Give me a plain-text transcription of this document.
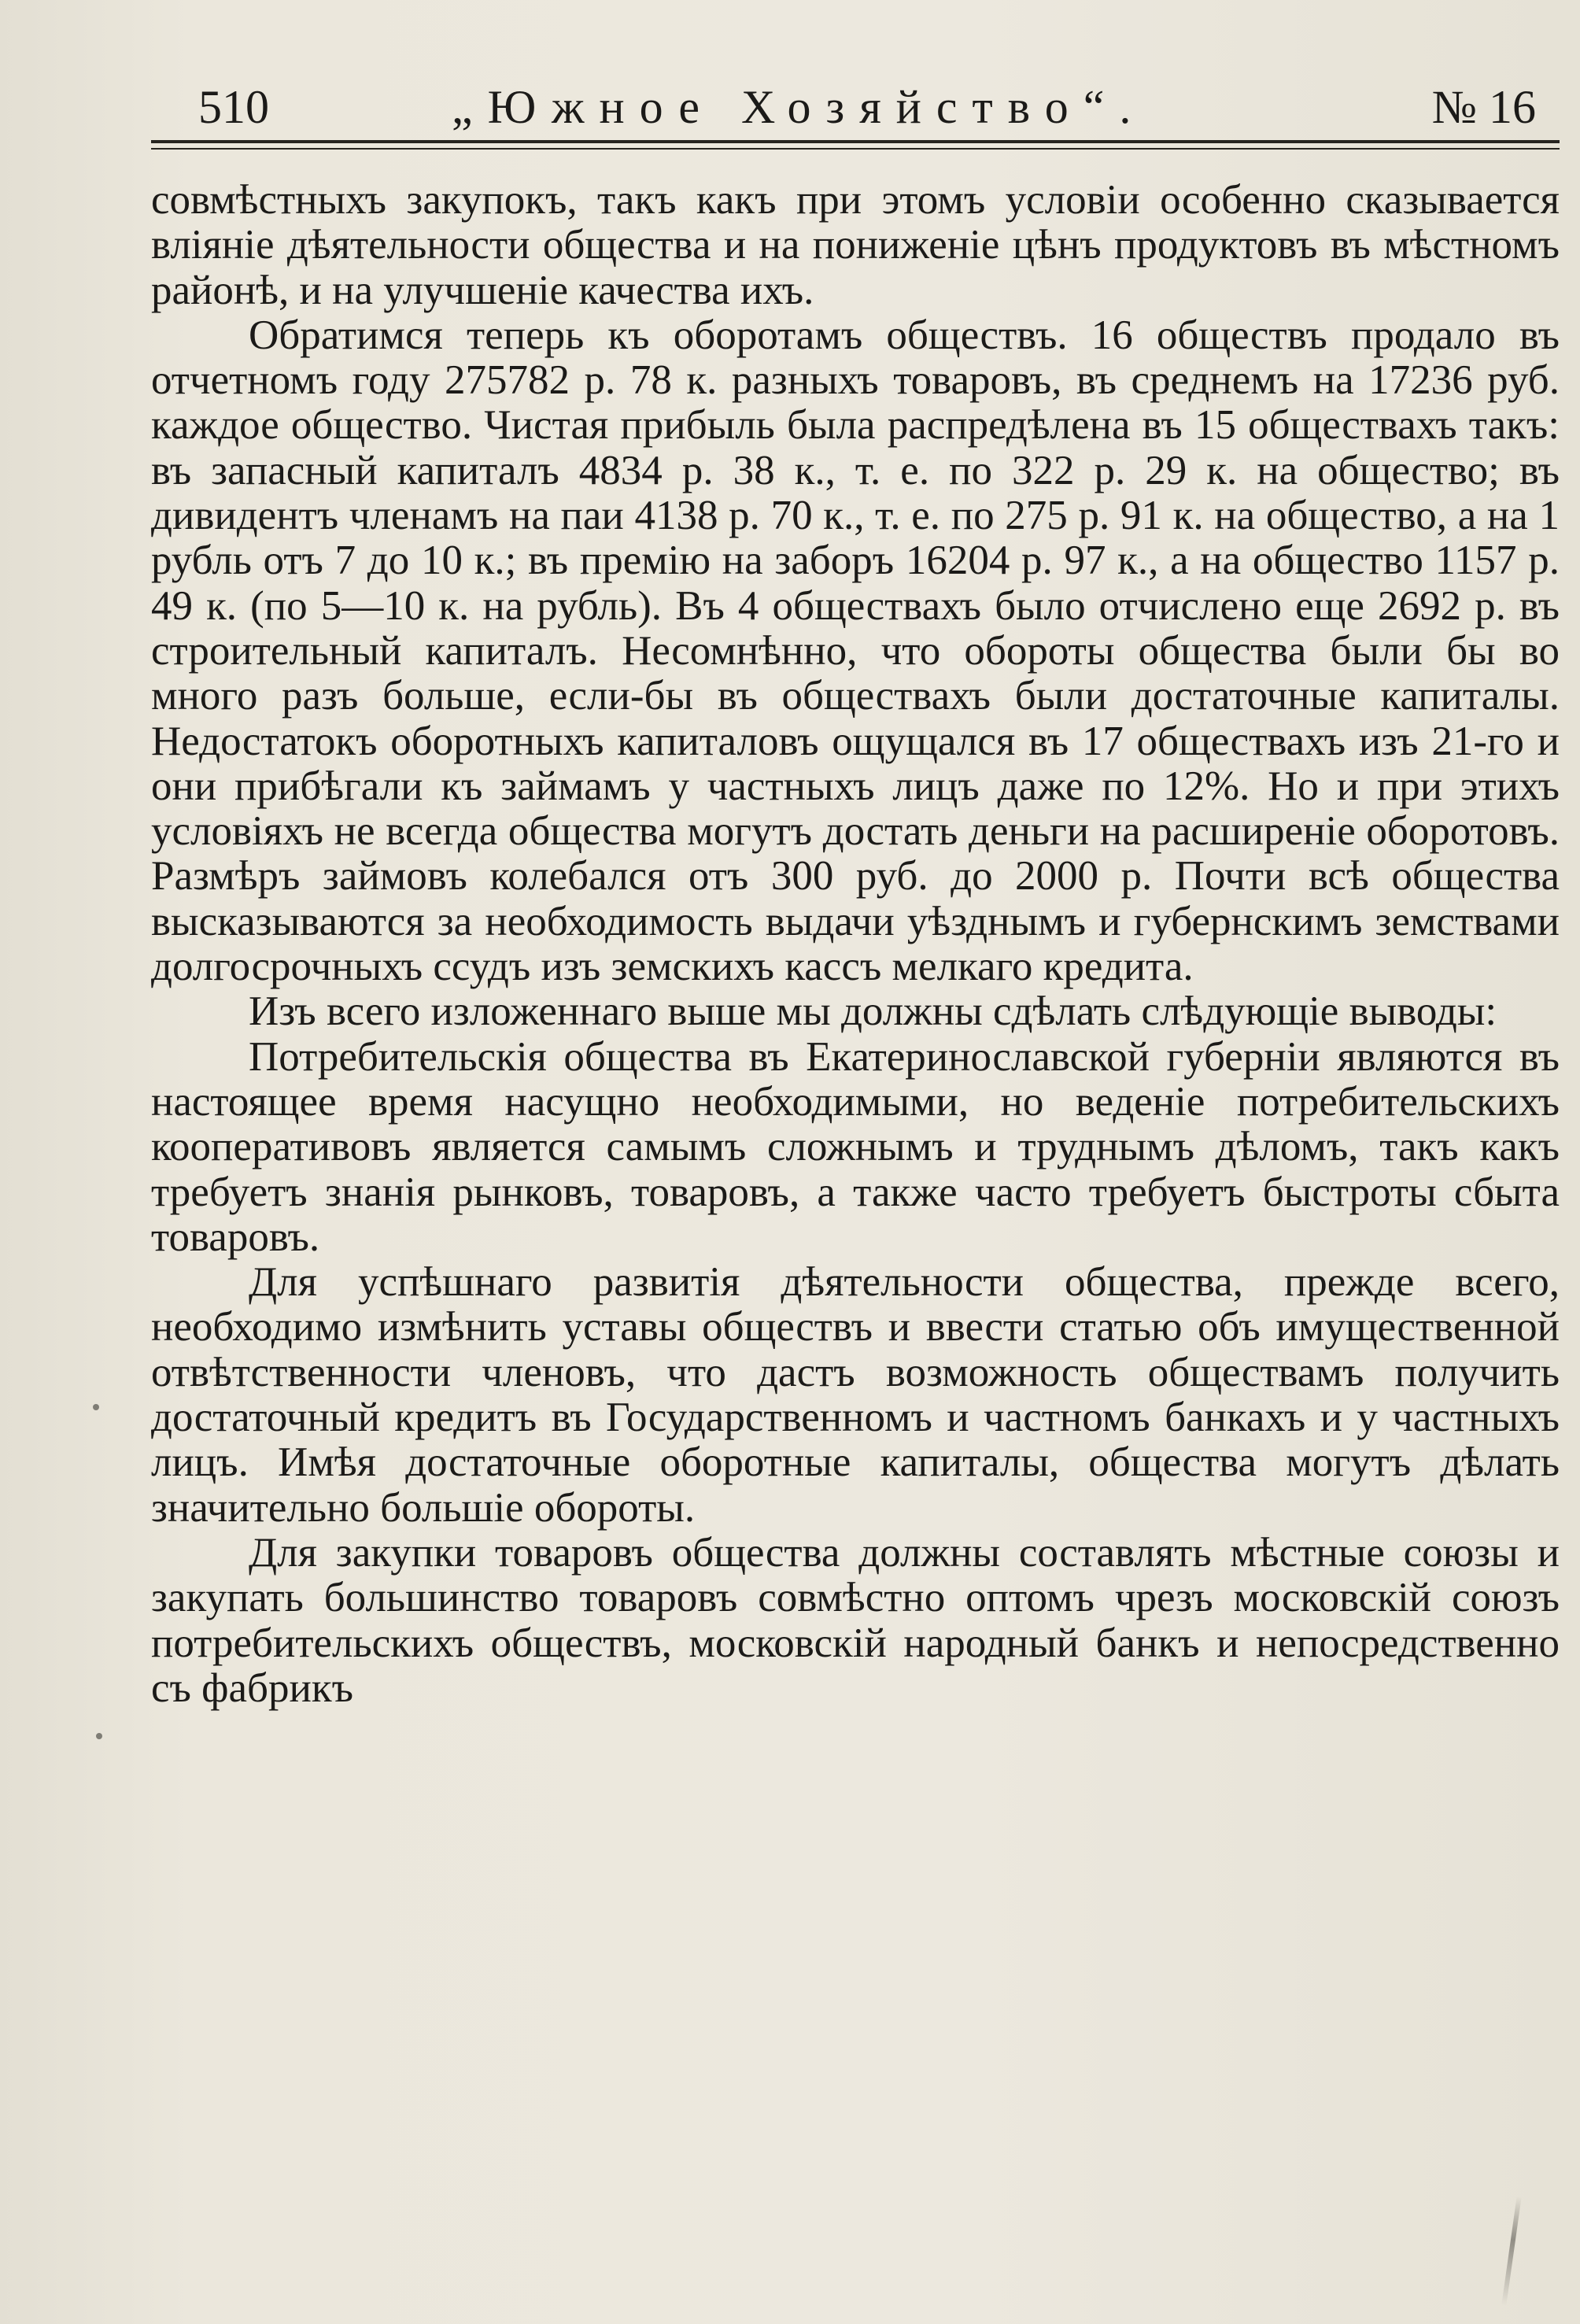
510	„Южное Хозяйство“.	№ 16

совмѣстныхъ закупокъ, такъ какъ при этомъ условіи особенно сказывается вліяніе дѣятельности общества и на пониженіе цѣнъ продуктовъ въ мѣстномъ районѣ, и на улучшеніе качества ихъ.

Обратимся теперь къ оборотамъ обществъ. 16 обществъ продало въ отчетномъ году 275782 р. 78 к. разныхъ товаровъ, въ среднемъ на 17236 руб. каждое общество. Чистая прибыль была распредѣлена въ 15 обществахъ такъ: въ запасный капиталъ 4834 р. 38 к., т. е. по 322 р. 29 к. на общество; въ дивидентъ членамъ на паи 4138 р. 70 к., т. е. по 275 р. 91 к. на общество, а на 1 рубль отъ 7 до 10 к.; въ премію на заборъ 16204 р. 97 к., а на общество 1157 р. 49 к. (по 5—10 к. на рубль). Въ 4 обществахъ было отчислено еще 2692 р. въ строительный капиталъ. Несомнѣнно, что обороты общества были бы во много разъ больше, если-бы въ обществахъ были достаточные капиталы. Недостатокъ оборотныхъ капиталовъ ощущался въ 17 обществахъ изъ 21-го и они прибѣгали къ займамъ у частныхъ лицъ даже по 12%. Но и при этихъ условіяхъ не всегда общества могутъ достать деньги на расширеніе оборотовъ. Размѣръ займовъ колебался отъ 300 руб. до 2000 р. Почти всѣ общества высказываются за необходимость выдачи уѣзднымъ и губернскимъ земствами долгосрочныхъ ссудъ изъ земскихъ кассъ мелкаго кредита.

Изъ всего изложеннаго выше мы должны сдѣлать слѣдующіе выводы:

Потребительскія общества въ Екатеринославской губерніи являются въ настоящее время насущно необходимыми, но веденіе потребительскихъ кооперативовъ является самымъ сложнымъ и труднымъ дѣломъ, такъ какъ требуетъ знанія рынковъ, товаровъ, а также часто требуетъ быстроты сбыта товаровъ.

Для успѣшнаго развитія дѣятельности общества, прежде всего, необходимо измѣнить уставы обществъ и ввести статью объ имущественной отвѣтственности членовъ, что дастъ возможность обществамъ получить достаточный кредитъ въ Государственномъ и частномъ банкахъ и у частныхъ лицъ. Имѣя достаточные оборотные капиталы, общества могутъ дѣлать значительно большіе обороты.

Для закупки товаровъ общества должны составлять мѣстные союзы и закупать большинство товаровъ совмѣстно оптомъ чрезъ московскій союзъ потребительскихъ обществъ, московскій народный банкъ и непосредственно съ фабрикъ
